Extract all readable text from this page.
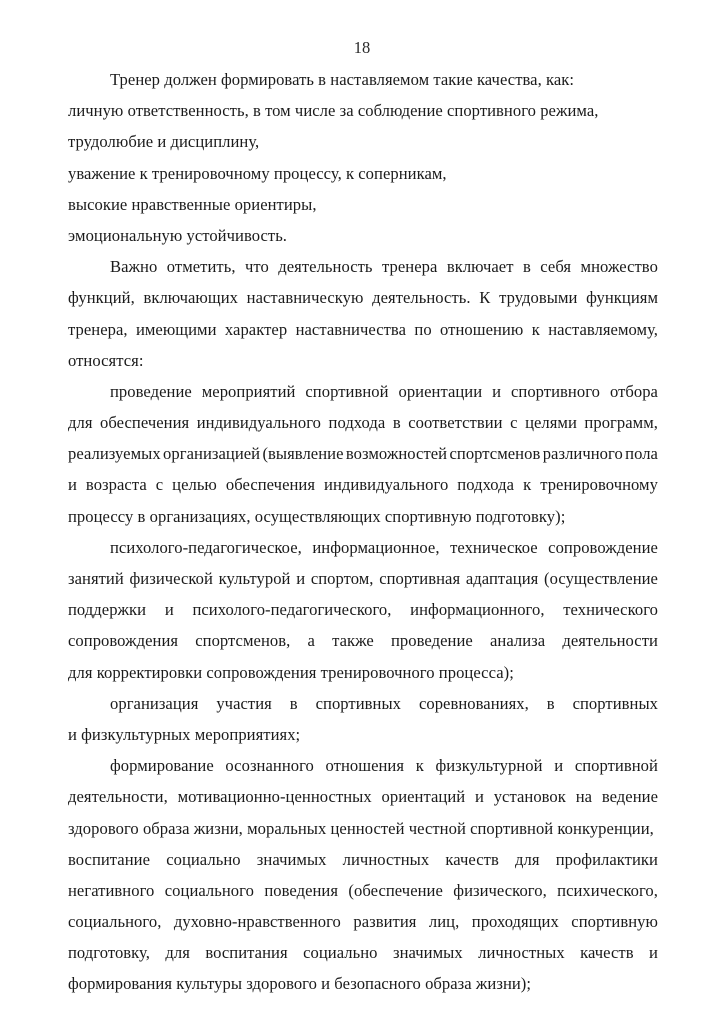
18
Тренер должен формировать в наставляемом такие качества, как:
личную ответственность, в том числе за соблюдение спортивного режима,
трудолюбие и дисциплину,
уважение к тренировочному процессу, к соперникам,
высокие нравственные ориентиры,
эмоциональную устойчивость.
Важно отметить, что деятельность тренера включает в себя множество
функций, включающих наставническую деятельность. К трудовыми функциям
тренера, имеющими характер наставничества по отношению к наставляемому,
относятся:
проведение мероприятий спортивной ориентации и спортивного отбора
для обеспечения индивидуального подхода в соответствии с целями программ,
реализуемых организацией (выявление возможностей спортсменов различного пола
и возраста с целью обеспечения индивидуального подхода к тренировочному
процессу в организациях, осуществляющих спортивную подготовку);
психолого-педагогическое, информационное, техническое сопровождение
занятий физической культурой и спортом, спортивная адаптация (осуществление
поддержки и психолого-педагогического, информационного, технического
сопровождения спортсменов, а также проведение анализа деятельности
для корректировки сопровождения тренировочного процесса);
организация участия в спортивных соревнованиях, в спортивных
и физкультурных мероприятиях;
формирование осознанного отношения к физкультурной и спортивной
деятельности, мотивационно-ценностных ориентаций и установок на ведение
здорового образа жизни, моральных ценностей честной спортивной конкуренции,
воспитание социально значимых личностных качеств для профилактики
негативного социального поведения (обеспечение физического, психического,
социального, духовно-нравственного развития лиц, проходящих спортивную
подготовку, для воспитания социально значимых личностных качеств и
формирования культуры здорового и безопасного образа жизни);
